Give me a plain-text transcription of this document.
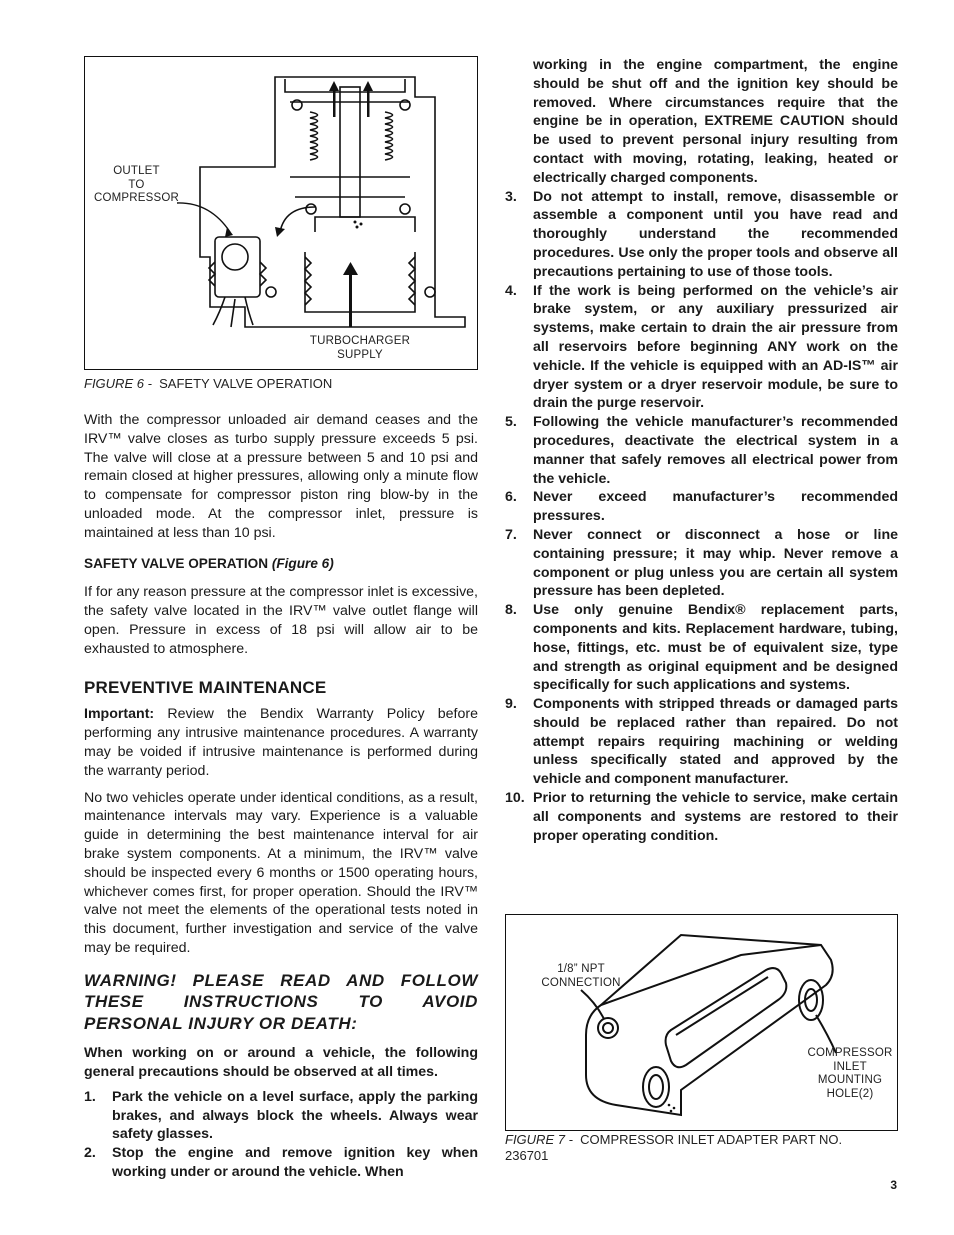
OUTLET
TO
COMPRESSOR
TURBOCHARGER
SUPPLY
FIGURE 6 - SAFETY VALVE OPERATION

With the compressor unloaded air demand ceases and the IRV™ valve closes as turbo supply pressure exceeds 5 psi. The valve will close at a pressure between 5 and 10 psi and remain closed at higher pressures, allowing only a minute flow to compensate for compressor piston ring blow-by in the unloaded mode. At the compressor inlet, pressure is maintained at less than 10 psi.

SAFETY VALVE OPERATION (Figure 6)

If for any reason pressure at the compressor inlet is excessive, the safety valve located in the IRV™ valve outlet flange will open. Pressure in excess of 18 psi will allow air to be exhausted to atmosphere.

PREVENTIVE MAINTENANCE

Important: Review the Bendix Warranty Policy before performing any intrusive maintenance procedures. A warranty may be voided if intrusive maintenance is performed during the warranty period.

No two vehicles operate under identical conditions, as a result, maintenance intervals may vary. Experience is a valuable guide in determining the best maintenance interval for air brake system components. At a minimum, the IRV™ valve should be inspected every 6 months or 1500 operating hours, whichever comes first, for proper operation. Should the IRV™ valve not meet the elements of the operational tests noted in this document, further investigation and service of the valve may be required.

WARNING! PLEASE READ AND FOLLOW THESE INSTRUCTIONS TO AVOID PERSONAL INJURY OR DEATH:

When working on or around a vehicle, the following general precautions should be observed at all times.

1. Park the vehicle on a level surface, apply the parking brakes, and always block the wheels. Always wear safety glasses.
2. Stop the engine and remove ignition key when working under or around the vehicle. When
working in the engine compartment, the engine should be shut off and the ignition key should be removed. Where circumstances require that the engine be in operation, EXTREME CAUTION should be used to prevent personal injury resulting from contact with moving, rotating, leaking, heated or electrically charged components.
3. Do not attempt to install, remove, disassemble or assemble a component until you have read and thoroughly understand the recommended procedures. Use only the proper tools and observe all precautions pertaining to use of those tools.
4. If the work is being performed on the vehicle’s air brake system, or any auxiliary pressurized air systems, make certain to drain the air pressure from all reservoirs before beginning ANY work on the vehicle. If the vehicle is equipped with an AD-IS™ air dryer system or a dryer reservoir module, be sure to drain the purge reservoir.
5. Following the vehicle manufacturer’s recommended procedures, deactivate the electrical system in a manner that safely removes all electrical power from the vehicle.
6. Never exceed manufacturer’s recommended pressures.
7. Never connect or disconnect a hose or line containing pressure; it may whip. Never remove a component or plug unless you are certain all system pressure has been depleted.
8. Use only genuine Bendix® replacement parts, components and kits. Replacement hardware, tubing, hose, fittings, etc. must be of equivalent size, type and strength as original equipment and be designed specifically for such applications and systems.
9. Components with stripped threads or damaged parts should be replaced rather than repaired. Do not attempt repairs requiring machining or welding unless specifically stated and approved by the vehicle and component manufacturer.
10. Prior to returning the vehicle to service, make certain all components and systems are restored to their proper operating condition.
1/8” NPT
CONNECTION
COMPRESSOR
INLET
MOUNTING
HOLE(2)
FIGURE 7 - COMPRESSOR INLET ADAPTER PART NO. 236701
3
